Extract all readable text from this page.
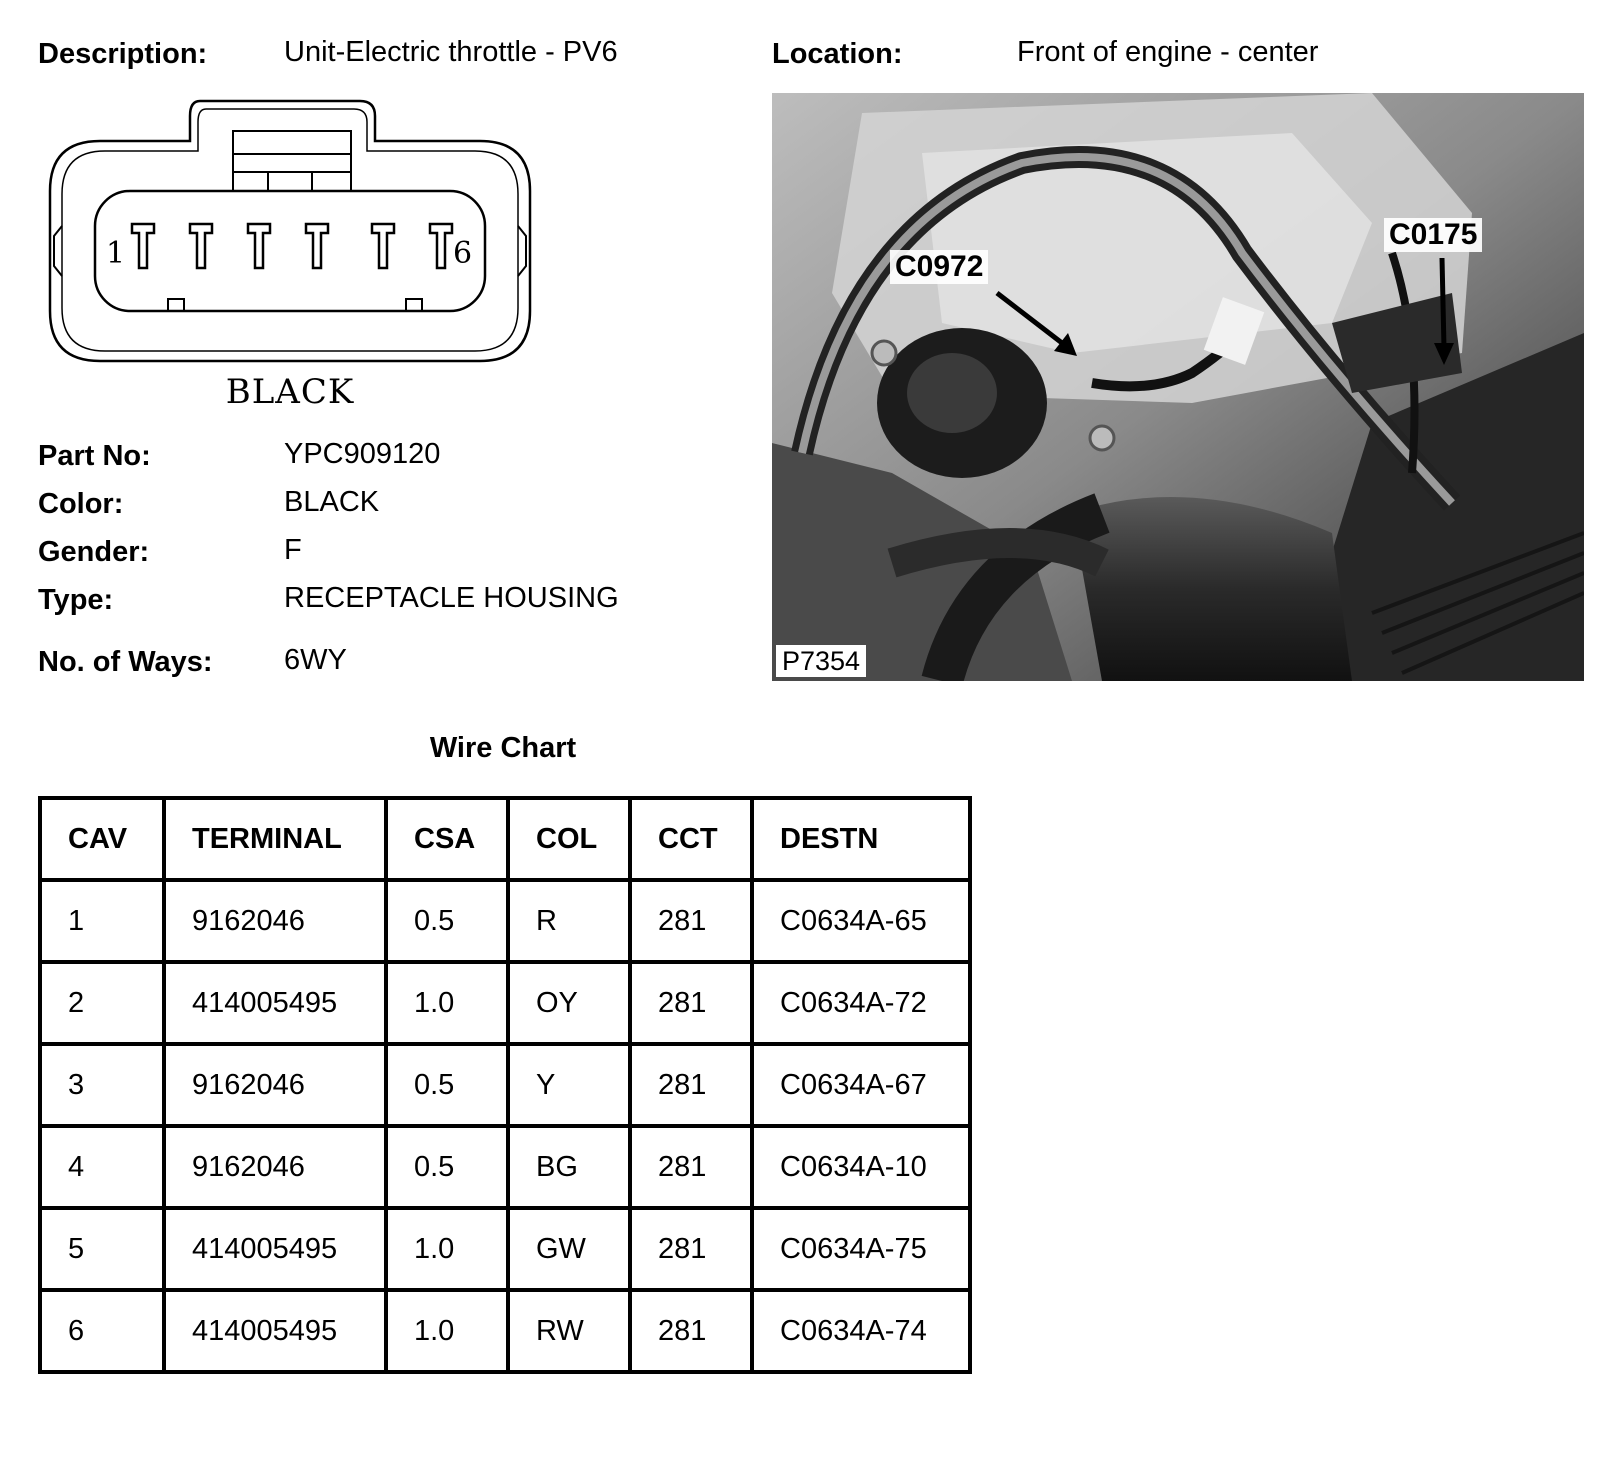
Description:	Unit-Electric throttle - PV6	Location:	Front of engine - center
1	6
BLACK
Part No:	YPC909120
Color:	BLACK
Gender:	F
Type:	RECEPTACLE HOUSING
No. of Ways: 6WY
C0972
C0175
P7354
Wire Chart
CAV	TERMINAL	CSA	COL	CCT	DESTN
1	9162046	0.5	R	281	C0634A-65
2	414005495	1.0	OY	281	C0634A-72
3	9162046	0.5	Y	281	C0634A-67
4	9162046	0.5	BG	281	C0634A-10
5	414005495	1.0	GW	281	C0634A-75
6	414005495	1.0	RW	281	C0634A-74
